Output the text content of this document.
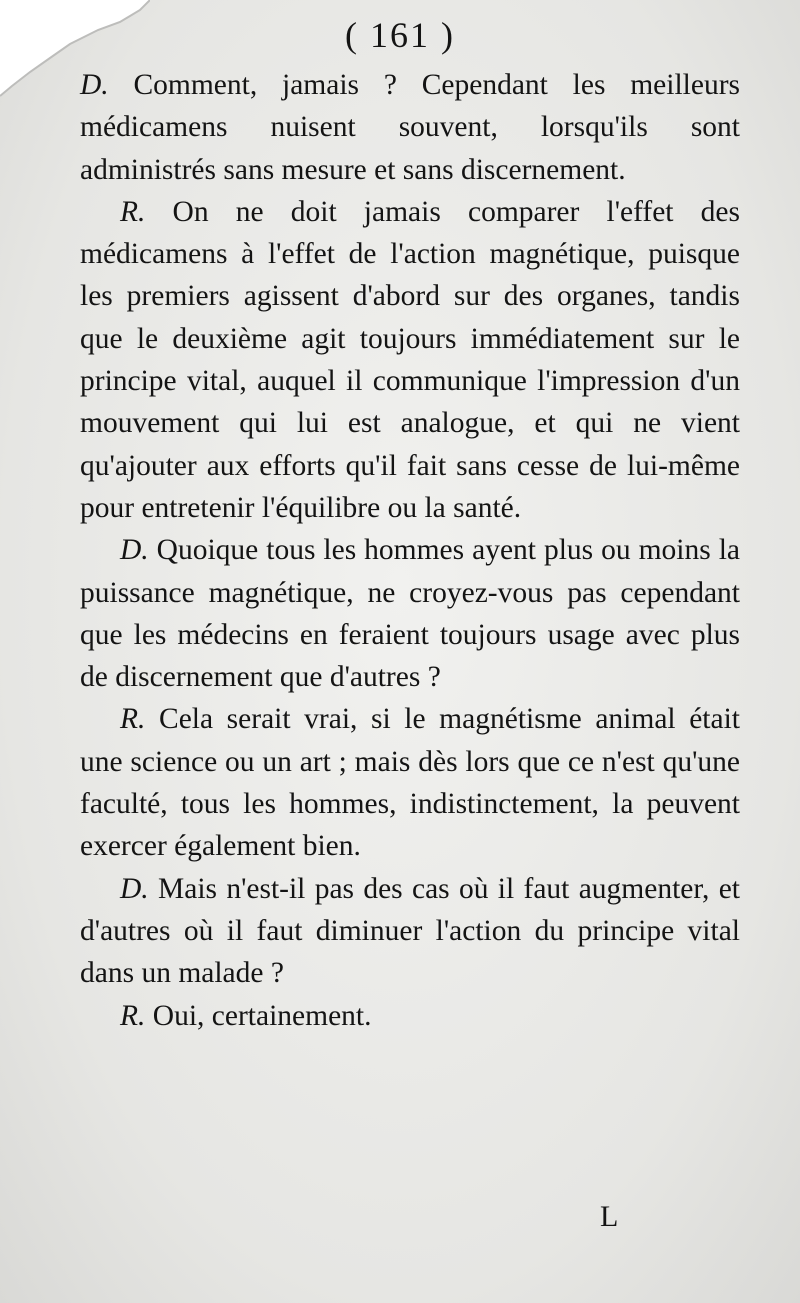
( 161 )

D. Comment, jamais ? Cependant les meilleurs médicamens nuisent souvent, lorsqu'ils sont administrés sans mesure et sans discernement.

R. On ne doit jamais comparer l'effet des médicamens à l'effet de l'action magnétique, puisque les premiers agissent d'abord sur des organes, tandis que le deuxième agit toujours immédiatement sur le principe vital, auquel il communique l'impression d'un mouvement qui lui est analogue, et qui ne vient qu'ajouter aux efforts qu'il fait sans cesse de lui-même pour entretenir l'équilibre ou la santé.

D. Quoique tous les hommes ayent plus ou moins la puissance magnétique, ne croyez-vous pas cependant que les médecins en feraient toujours usage avec plus de discernement que d'autres ?

R. Cela serait vrai, si le magnétisme animal était une science ou un art ; mais dès lors que ce n'est qu'une faculté, tous les hommes, indistinctement, la peuvent exercer également bien.

D. Mais n'est-il pas des cas où il faut augmenter, et d'autres où il faut diminuer l'action du principe vital dans un malade ?

R. Oui, certainement.

L
